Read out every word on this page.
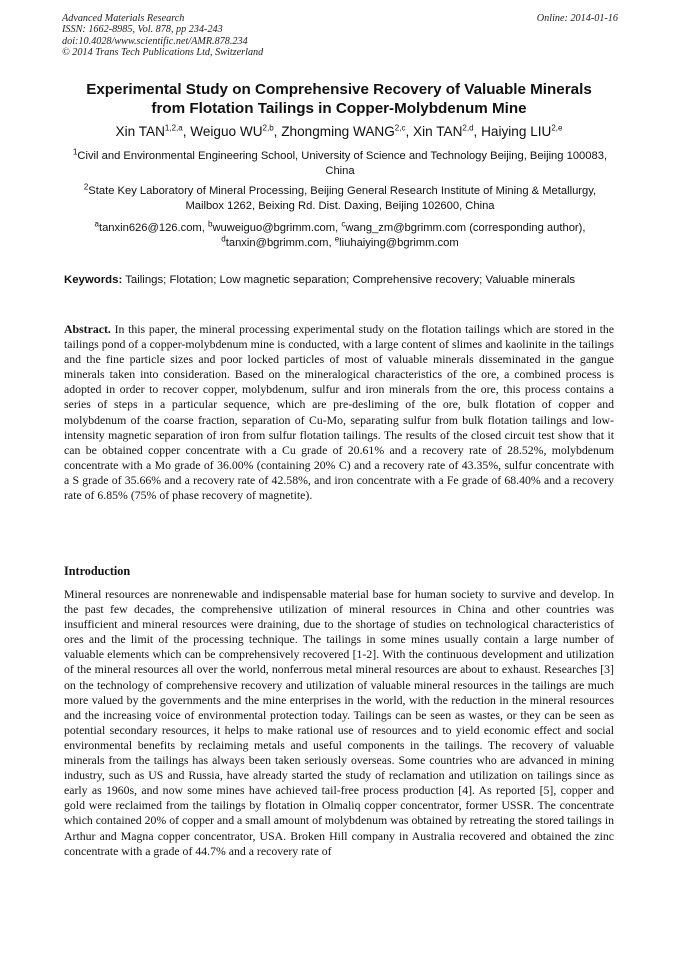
Advanced Materials Research
ISSN: 1662-8985, Vol. 878, pp 234-243
doi:10.4028/www.scientific.net/AMR.878.234
© 2014 Trans Tech Publications Ltd, Switzerland
Online: 2014-01-16
Experimental Study on Comprehensive Recovery of Valuable Minerals
from Flotation Tailings in Copper-Molybdenum Mine
Xin TAN$^{1,2,a}$, Weiguo WU$^{2,b}$, Zhongming WANG$^{2,c}$, Xin TAN$^{2,d}$, Haiying LIU$^{2,e}$
$^1$Civil and Environmental Engineering School, University of Science and Technology Beijing, Beijing 100083, China
$^2$State Key Laboratory of Mineral Processing, Beijing General Research Institute of Mining & Metallurgy, Mailbox 1262, Beixing Rd. Dist. Daxing, Beijing 102600, China
$^a$tanxin626@126.com, $^b$wuweiguo@bgrimm.com, $^c$wang_zm@bgrimm.com (corresponding author),
$^d$tanxin@bgrimm.com, $^e$liuhaiying@bgrimm.com
Keywords: Tailings; Flotation; Low magnetic separation; Comprehensive recovery; Valuable minerals
Abstract. In this paper, the mineral processing experimental study on the flotation tailings which are stored in the tailings pond of a copper-molybdenum mine is conducted, with a large content of slimes and kaolinite in the tailings and the fine particle sizes and poor locked particles of most of valuable minerals disseminated in the gangue minerals taken into consideration. Based on the mineralogical characteristics of the ore, a combined process is adopted in order to recover copper, molybdenum, sulfur and iron minerals from the ore, this process contains a series of steps in a particular sequence, which are pre-desliming of the ore, bulk flotation of copper and molybdenum of the coarse fraction, separation of Cu-Mo, separating sulfur from bulk flotation tailings and low-intensity magnetic separation of iron from sulfur flotation tailings. The results of the closed circuit test show that it can be obtained copper concentrate with a Cu grade of 20.61% and a recovery rate of 28.52%, molybdenum concentrate with a Mo grade of 36.00% (containing 20% C) and a recovery rate of 43.35%, sulfur concentrate with a S grade of 35.66% and a recovery rate of 42.58%, and iron concentrate with a Fe grade of 68.40% and a recovery rate of 6.85% (75% of phase recovery of magnetite).
Introduction
Mineral resources are nonrenewable and indispensable material base for human society to survive and develop. In the past few decades, the comprehensive utilization of mineral resources in China and other countries was insufficient and mineral resources were draining, due to the shortage of studies on technological characteristics of ores and the limit of the processing technique. The tailings in some mines usually contain a large number of valuable elements which can be comprehensively recovered [1-2]. With the continuous development and utilization of the mineral resources all over the world, nonferrous metal mineral resources are about to exhaust. Researches [3] on the technology of comprehensive recovery and utilization of valuable mineral resources in the tailings are much more valued by the governments and the mine enterprises in the world, with the reduction in the mineral resources and the increasing voice of environmental protection today. Tailings can be seen as wastes, or they can be seen as potential secondary resources, it helps to make rational use of resources and to yield economic effect and social environmental benefits by reclaiming metals and useful components in the tailings. The recovery of valuable minerals from the tailings has always been taken seriously overseas. Some countries who are advanced in mining industry, such as US and Russia, have already started the study of reclamation and utilization on tailings since as early as 1960s, and now some mines have achieved tail-free process production [4]. As reported [5], copper and gold were reclaimed from the tailings by flotation in Olmaliq copper concentrator, former USSR. The concentrate which contained 20% of copper and a small amount of molybdenum was obtained by retreating the stored tailings in Arthur and Magna copper concentrator, USA. Broken Hill company in Australia recovered and obtained the zinc concentrate with a grade of 44.7% and a recovery rate of
